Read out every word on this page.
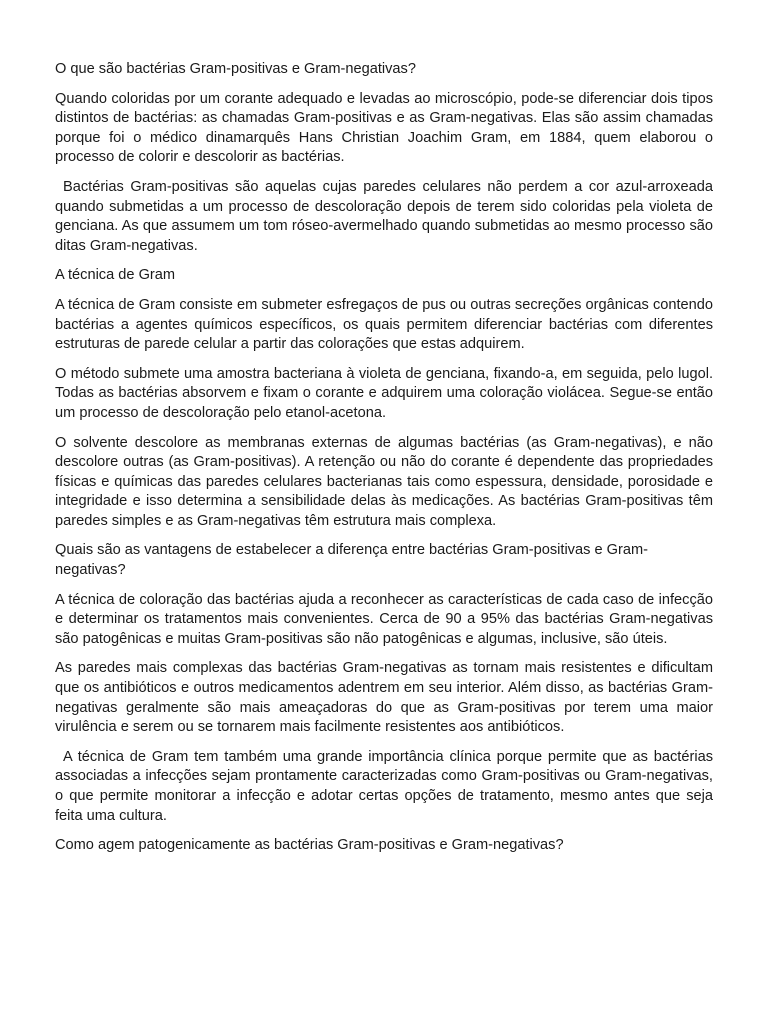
O que são bactérias Gram-positivas e Gram-negativas?

Quando coloridas por um corante adequado e levadas ao microscópio, pode-se diferenciar dois tipos distintos de bactérias: as chamadas Gram-positivas e as Gram-negativas. Elas são assim chamadas porque foi o médico dinamarquês Hans Christian Joachim Gram, em 1884, quem elaborou o processo de colorir e descolorir as bactérias.

Bactérias Gram-positivas são aquelas cujas paredes celulares não perdem a cor azul-arroxeada quando submetidas a um processo de descoloração depois de terem sido coloridas pela violeta de genciana. As que assumem um tom róseo-avermelhado quando submetidas ao mesmo processo são ditas Gram-negativas.

A técnica de Gram

A técnica de Gram consiste em submeter esfregaços de pus ou outras secreções orgânicas contendo bactérias a agentes químicos específicos, os quais permitem diferenciar bactérias com diferentes estruturas de parede celular a partir das colorações que estas adquirem.

O método submete uma amostra bacteriana à violeta de genciana, fixando-a, em seguida, pelo lugol. Todas as bactérias absorvem e fixam o corante e adquirem uma coloração violácea. Segue-se então um processo de descoloração pelo etanol-acetona.

O solvente descolore as membranas externas de algumas bactérias (as Gram-negativas), e não descolore outras (as Gram-positivas). A retenção ou não do corante é dependente das propriedades físicas e químicas das paredes celulares bacterianas tais como espessura, densidade, porosidade e integridade e isso determina a sensibilidade delas às medicações. As bactérias Gram-positivas têm paredes simples e as Gram-negativas têm estrutura mais complexa.

Quais são as vantagens de estabelecer a diferença entre bactérias Gram-positivas e Gram-negativas?

A técnica de coloração das bactérias ajuda a reconhecer as características de cada caso de infecção e determinar os tratamentos mais convenientes. Cerca de 90 a 95% das bactérias Gram-negativas são patogênicas e muitas Gram-positivas são não patogênicas e algumas, inclusive, são úteis.

As paredes mais complexas das bactérias Gram-negativas as tornam mais resistentes e dificultam que os antibióticos e outros medicamentos adentrem em seu interior. Além disso, as bactérias Gram-negativas geralmente são mais ameaçadoras do que as Gram-positivas por terem uma maior virulência e serem ou se tornarem mais facilmente resistentes aos antibióticos.

A técnica de Gram tem também uma grande importância clínica porque permite que as bactérias associadas a infecções sejam prontamente caracterizadas como Gram-positivas ou Gram-negativas, o que permite monitorar a infecção e adotar certas opções de tratamento, mesmo antes que seja feita uma cultura.

Como agem patogenicamente as bactérias Gram-positivas e Gram-negativas?
